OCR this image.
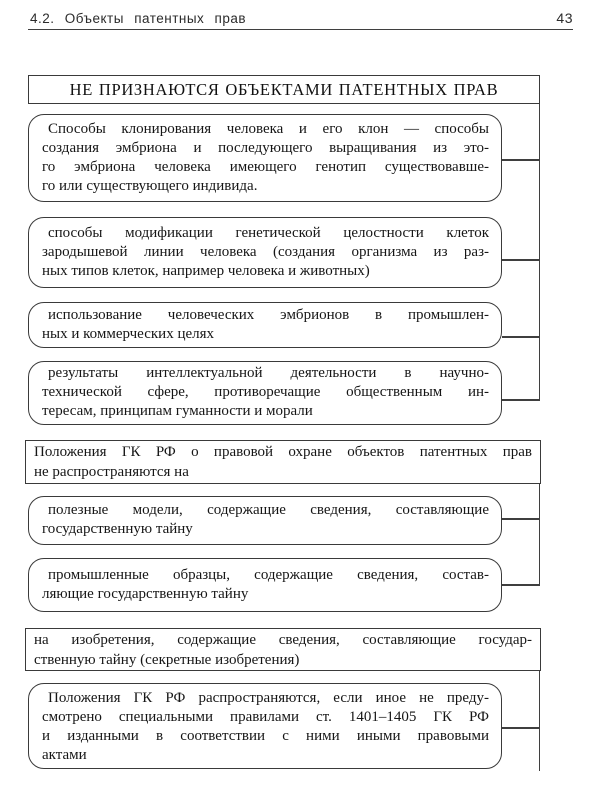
4.2. Объекты патентных прав	43
НЕ ПРИЗНАЮТСЯ ОБЪЕКТАМИ ПАТЕНТНЫХ ПРАВ
Способы клонирования человека и его клон — способы
создания эмбриона и последующего выращивания из это-
го эмбриона человека имеющего генотип существовавше-
го или существующего индивида.
способы модификации генетической целостности клеток
зародышевой линии человека (создания организма из раз-
ных типов клеток, например человека и животных)
использование человеческих эмбрионов в промышлен-
ных и коммерческих целях
результаты интеллектуальной деятельности в научно-
технической сфере, противоречащие общественным ин-
тересам, принципам гуманности и морали
Положения ГК РФ о правовой охране объектов патентных прав
не распространяются на
полезные модели, содержащие сведения, составляющие
государственную тайну
промышленные образцы, содержащие сведения, состав-
ляющие государственную тайну
на изобретения, содержащие сведения, составляющие государ-
ственную тайну (секретные изобретения)
Положения ГК РФ распространяются, если иное не преду-
смотрено специальными правилами ст. 1401–1405 ГК РФ
и изданными в соответствии с ними иными правовыми
актами
